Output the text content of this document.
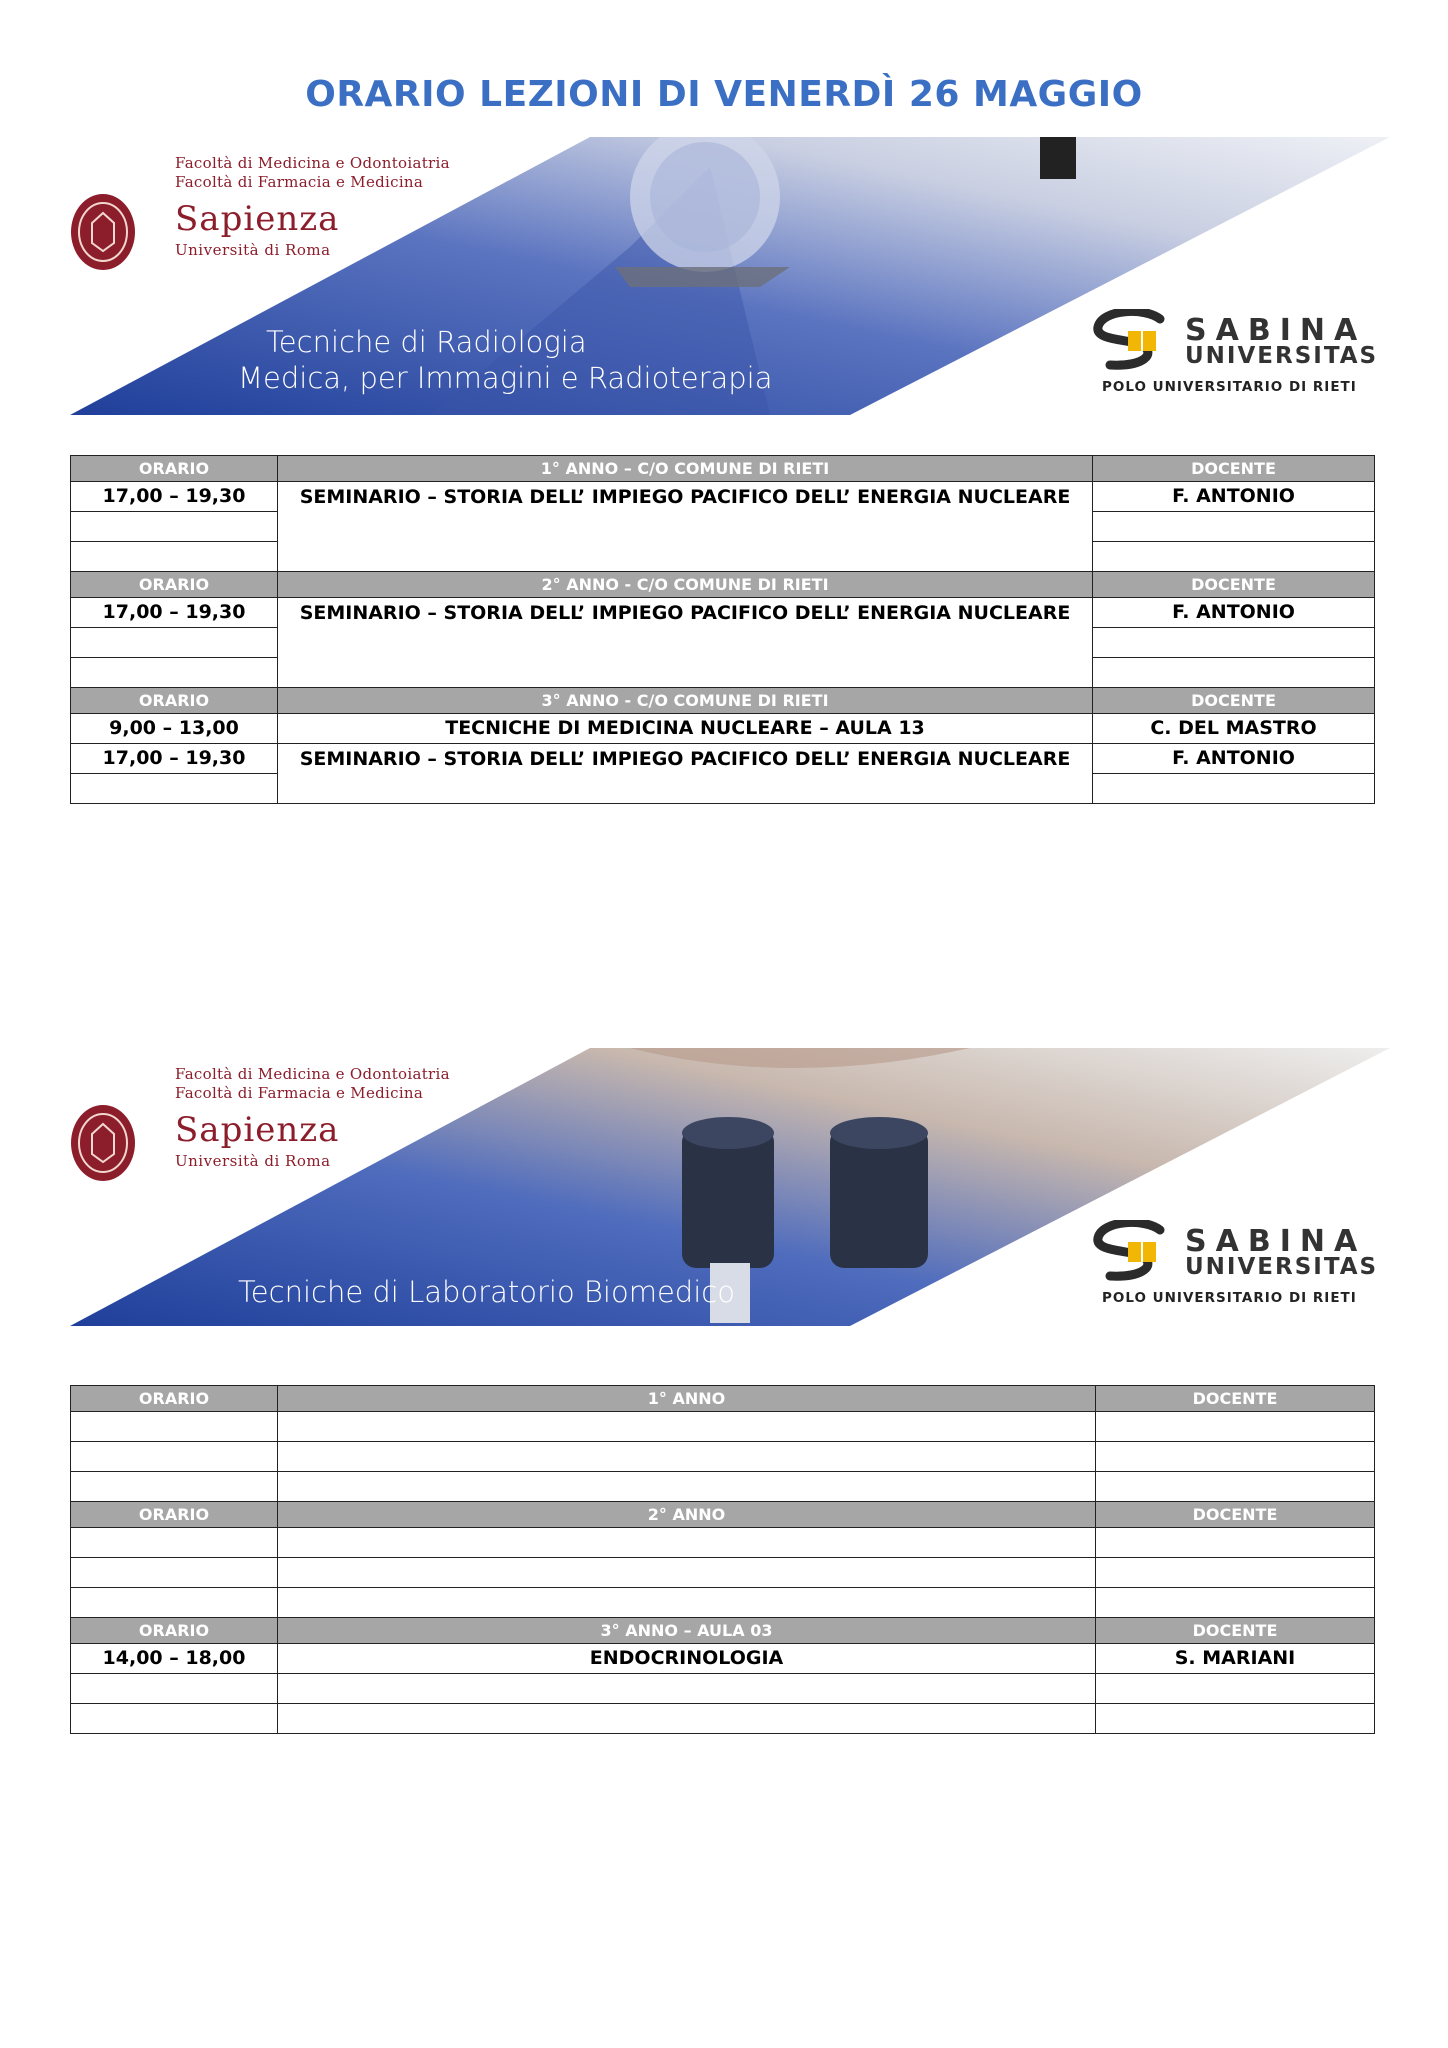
ORARIO LEZIONI DI VENERDÌ 26 MAGGIO
Facoltà di Medicina e Odontoiatria
Facoltà di Farmacia e Medicina
Sapienza
Università di Roma
Tecniche di Radiologia
Medica, per Immagini e Radioterapia
SABINA
UNIVERSITAS
POLO UNIVERSITARIO DI RIETI
ORARIO	1° ANNO – C/O COMUNE DI RIETI	DOCENTE
17,00 – 19,30	SEMINARIO – STORIA DELL’ IMPIEGO PACIFICO DELL’ ENERGIA NUCLEARE	F. ANTONIO

ORARIO	2° ANNO - C/O COMUNE DI RIETI	DOCENTE
17,00 – 19,30	SEMINARIO – STORIA DELL’ IMPIEGO PACIFICO DELL’ ENERGIA NUCLEARE	F. ANTONIO

ORARIO	3° ANNO - C/O COMUNE DI RIETI	DOCENTE
9,00 – 13,00	TECNICHE DI MEDICINA NUCLEARE – AULA 13	C. DEL MASTRO
17,00 – 19,30	SEMINARIO – STORIA DELL’ IMPIEGO PACIFICO DELL’ ENERGIA NUCLEARE	F. ANTONIO

Facoltà di Medicina e Odontoiatria
Facoltà di Farmacia e Medicina
Sapienza
Università di Roma
Tecniche di Laboratorio Biomedico
SABINA
UNIVERSITAS
POLO UNIVERSITARIO DI RIETI
ORARIO	1° ANNO	DOCENTE

ORARIO	2° ANNO	DOCENTE

ORARIO	3° ANNO – AULA 03	DOCENTE
14,00 – 18,00	ENDOCRINOLOGIA	S. MARIANI
